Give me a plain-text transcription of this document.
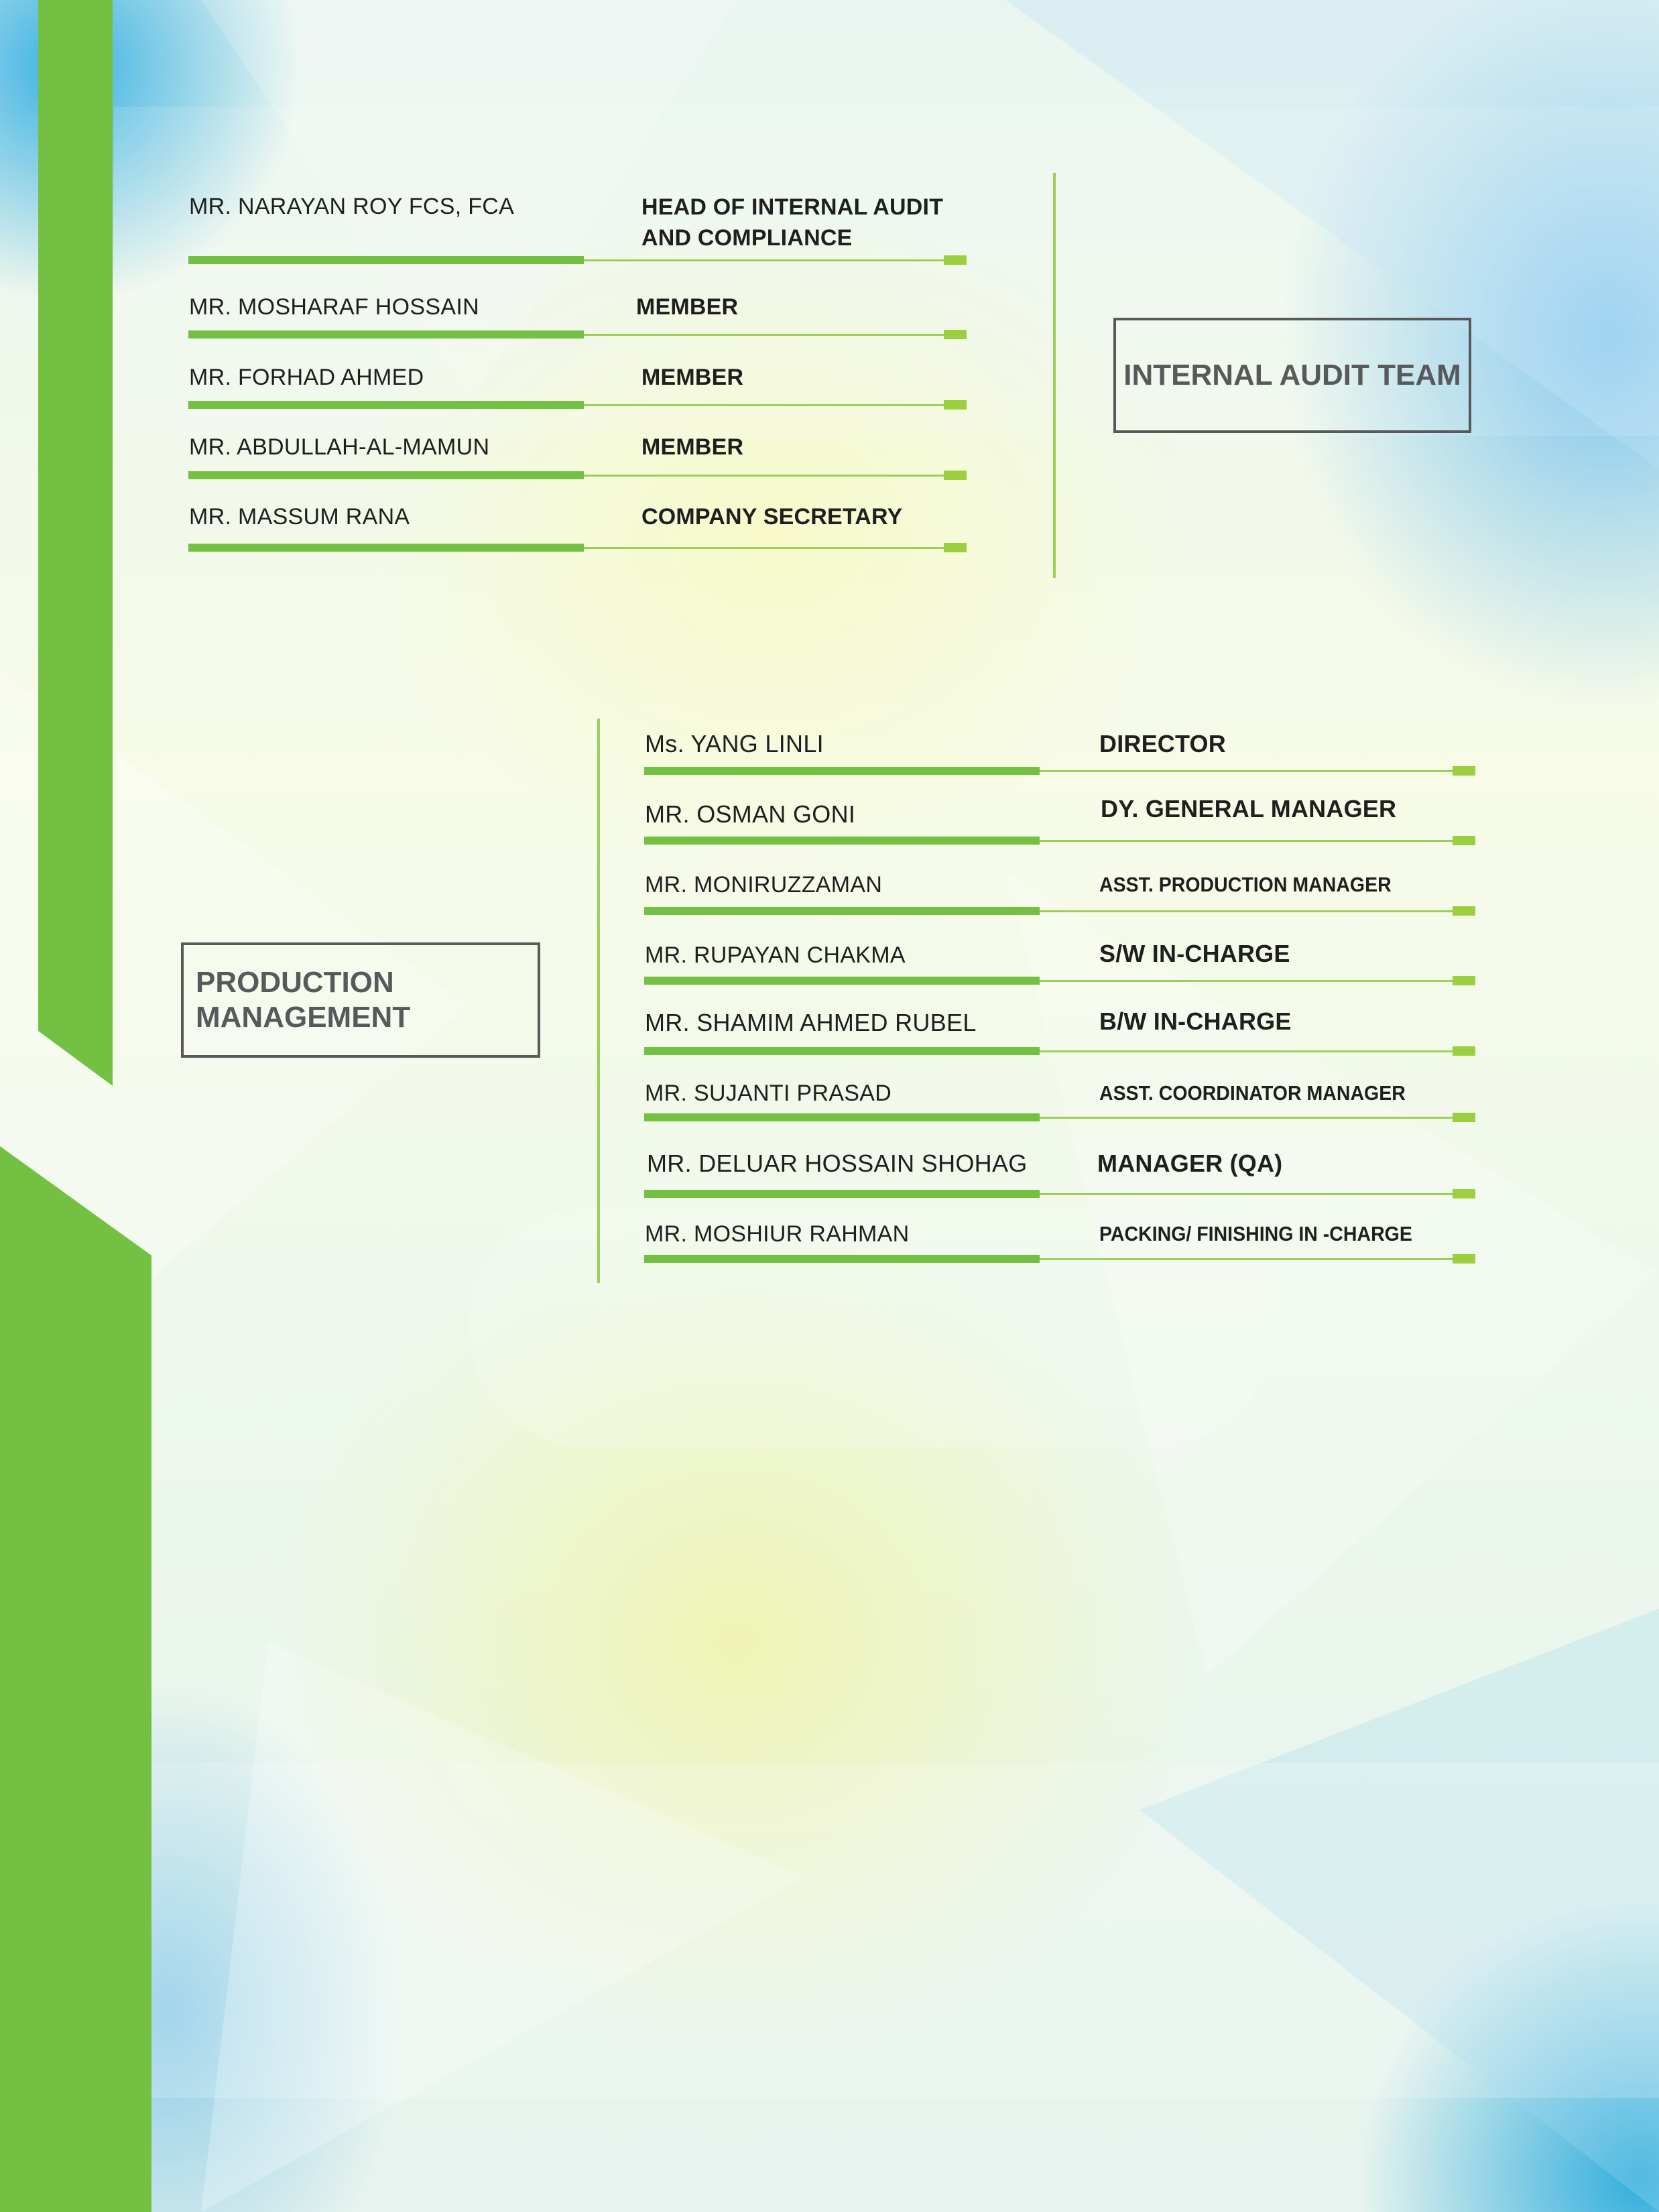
INTERNAL AUDIT TEAM
MR. NARAYAN ROY FCS, FCA	HEAD OF INTERNAL AUDIT AND COMPLIANCE
MR. MOSHARAF HOSSAIN	MEMBER
MR. FORHAD AHMED	MEMBER
MR. ABDULLAH-AL-MAMUN	MEMBER
MR. MASSUM RANA	COMPANY SECRETARY
PRODUCTION
MANAGEMENT
Ms. YANG LINLI	DIRECTOR
MR. OSMAN GONI	DY. GENERAL MANAGER
MR. MONIRUZZAMAN	ASST. PRODUCTION MANAGER
MR. RUPAYAN CHAKMA	S/W IN-CHARGE
MR. SHAMIM AHMED RUBEL	B/W IN-CHARGE
MR. SUJANTI PRASAD	ASST. COORDINATOR MANAGER
MR. DELUAR HOSSAIN SHOHAG	MANAGER (QA)
MR. MOSHIUR RAHMAN	PACKING/ FINISHING IN -CHARGE
